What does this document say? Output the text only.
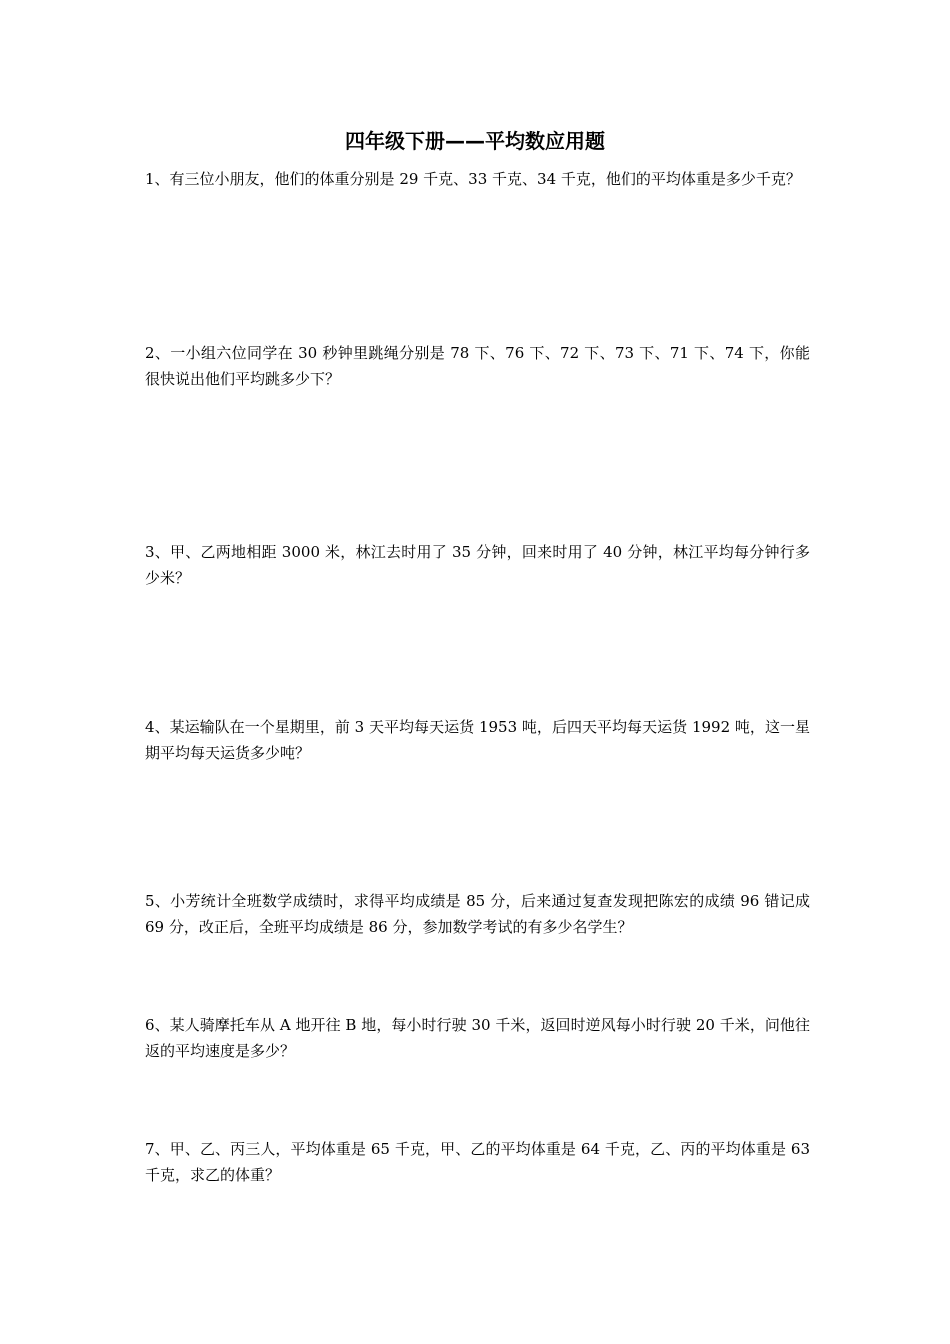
四年级下册——平均数应用题
1、有三位小朋友，他们的体重分别是 29 千克、33 千克、34 千克，他们的平均体重是多少千克？
2、一小组六位同学在 30 秒钟里跳绳分别是 78 下、76 下、72 下、73 下、71 下、74 下，你能很快说出他们平均跳多少下？
3、甲、乙两地相距 3000 米，林江去时用了 35 分钟，回来时用了 40 分钟，林江平均每分钟行多少米？
4、某运输队在一个星期里，前 3 天平均每天运货 1953 吨，后四天平均每天运货 1992 吨，这一星期平均每天运货多少吨？
5、小芳统计全班数学成绩时，求得平均成绩是 85 分，后来通过复查发现把陈宏的成绩 96 错记成 69 分，改正后，全班平均成绩是 86 分，参加数学考试的有多少名学生？
6、某人骑摩托车从 A 地开往 B 地，每小时行驶 30 千米，返回时逆风每小时行驶 20 千米，问他往返的平均速度是多少？
7、甲、乙、丙三人，平均体重是 65 千克，甲、乙的平均体重是 64 千克，乙、丙的平均体重是 63 千克，求乙的体重？
